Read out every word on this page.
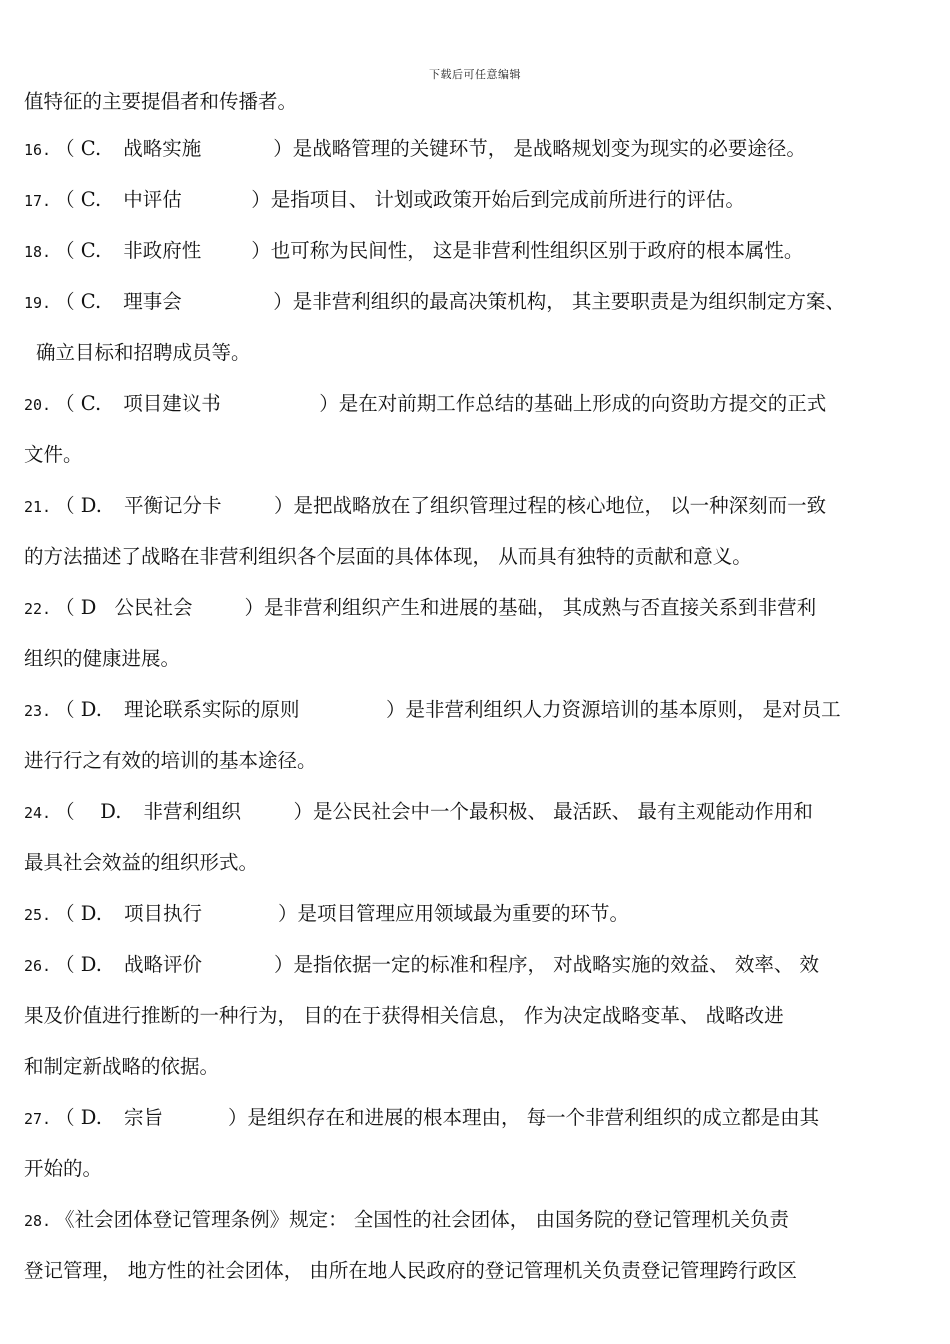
下载后可任意编辑
值特征的主要提倡者和传播者。
16. （ C. 战略实施	）是战略管理的关键环节， 是战略规划变为现实的必要途径。
17. （ C. 中评估	）是指项目、 计划或政策开始后到完成前所进行的评估。
18. （ C. 非政府性	）也可称为民间性， 这是非营利性组织区别于政府的根本属性。
19. （ C. 理事会	）是非营利组织的最高决策机构， 其主要职责是为组织制定方案、
确立目标和招聘成员等。
20. （ C. 项目建议书	）是在对前期工作总结的基础上形成的向资助方提交的正式
文件。
21. （ D. 平衡记分卡	）是把战略放在了组织管理过程的核心地位， 以一种深刻而一致
的方法描述了战略在非营利组织各个层面的具体体现， 从而具有独特的贡献和意义。
22. （ D 公民社会	）是非营利组织产生和进展的基础， 其成熟与否直接关系到非营利
组织的健康进展。
23. （ D. 理论联系实际的原则	）是非营利组织人力资源培训的基本原则， 是对员工
进行行之有效的培训的基本途径。
24. （　 D. 非营利组织	）是公民社会中一个最积极、 最活跃、 最有主观能动作用和
最具社会效益的组织形式。
25. （ D. 项目执行	）是项目管理应用领域最为重要的环节。
26. （ D. 战略评价	）是指依据一定的标准和程序， 对战略实施的效益、 效率、 效
果及价值进行推断的一种行为， 目的在于获得相关信息， 作为决定战略变革、 战略改进
和制定新战略的依据。
27. （ D. 宗旨	）是组织存在和进展的根本理由， 每一个非营利组织的成立都是由其
开始的。
28. 《社会团体登记管理条例》规定： 全国性的社会团体， 由国务院的登记管理机关负责
登记管理， 地方性的社会团体， 由所在地人民政府的登记管理机关负责登记管理跨行政区
